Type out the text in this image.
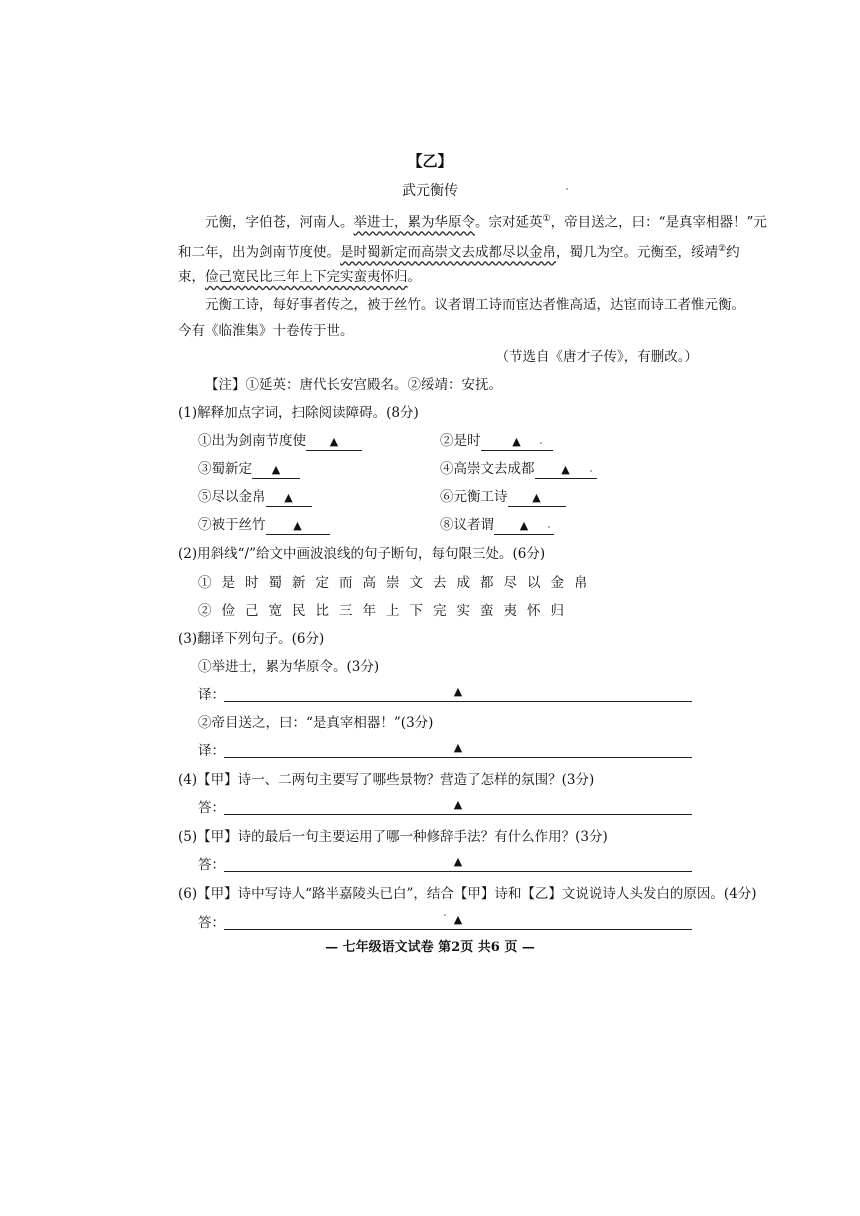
【乙】
武元衡传
元衡，字伯苍，河南人。举进士，累为华原令。宗对延英①，帝目送之，曰：“是真宰相器！”元
和二年，出为剑南节度使。是时蜀新定而高崇文去成都尽以金帛，蜀几为空。元衡至，绥靖②约
束，俭己宽民比三年上下完实蛮夷怀归。
元衡工诗，每好事者传之，被于丝竹。议者谓工诗而宦达者惟高适，达宦而诗工者惟元衡。
今有《临淮集》十卷传于世。
（节选自《唐才子传》，有删改。）
【注】①延英：唐代长安宫殿名。②绥靖：安抚。
(1)解释加点字词，扫除阅读障碍。(8分)
①出为剑南节度使 ▲	②是时	▲
③蜀新定 ▲	④高崇文去成都 ▲
⑤尽以金帛 ▲	⑥元衡工诗 ▲
⑦被于丝竹	▲	⑧议者谓 ▲
(2)用斜线“/”给文中画波浪线的句子断句，每句限三处。(6分)
①是时蜀新定而高崇文去成都尽以金帛
②俭己宽民比三年上下完实蛮夷怀归
(3)翻译下列句子。(6分)
①举进士，累为华原令。(3分)
译：	▲
②帝目送之，曰：“是真宰相器！”(3分)
译：	▲
(4)【甲】诗一、二两句主要写了哪些景物？营造了怎样的氛围？(3分)
答：	▲
(5)【甲】诗的最后一句主要运用了哪一种修辞手法？有什么作用？(3分)
答：	▲
(6)【甲】诗中写诗人“路半嘉陵头已白”，结合【甲】诗和【乙】文说说诗人头发白的原因。(4分)
答：	▲
— 七年级语文试卷 第2页 共6 页 —
